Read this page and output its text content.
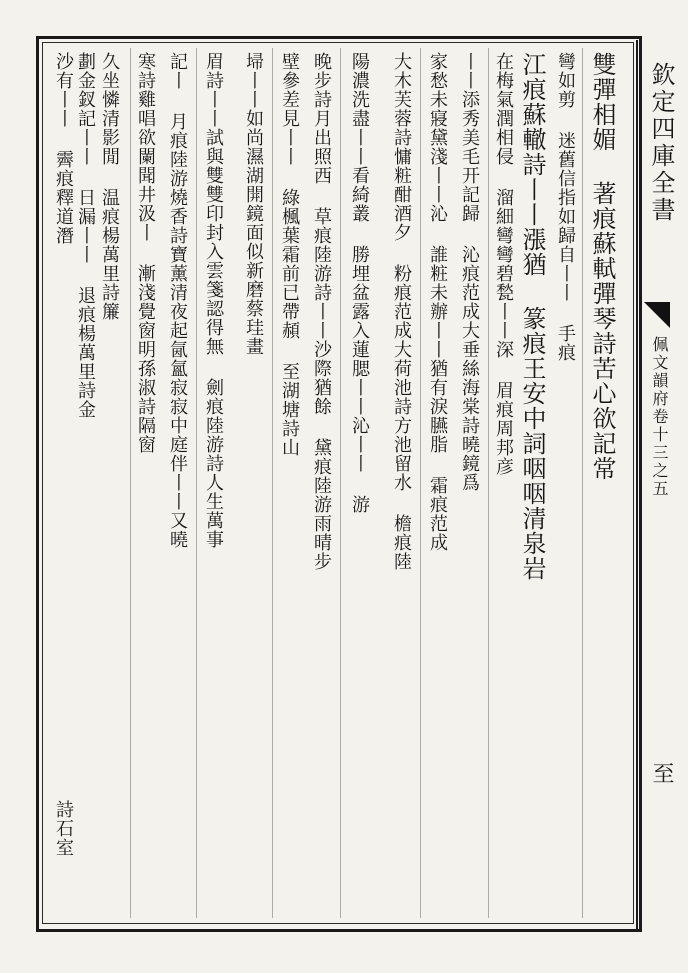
欽定四庫全書
佩文韻府卷十三之五
至
雙彈相媚 著痕蘇軾彈琴詩苦心欲記常
彎如剪 迷舊信指如歸自丨丨 手痕
江痕蘇轍詩丨丨漲猶 篆痕王安中詞咽咽清泉岩
在梅氣潤相侵 溜細彎彎碧甃丨丨深 眉痕周邦彦
丨丨添秀美毛开記歸 沁痕范成大垂絲海棠詩曉鏡爲
家愁未寢黛淺丨丨沁 誰粧未辦丨丨猶有淚臙脂 霜痕范成
大木芙蓉詩慵粧酣酒夕 粉痕范成大荷池詩方池留水 檐痕陸
陽濃洗盡丨丨看綺叢 勝埋盆露入蓮腮丨丨沁丨丨 游
晚步詩月出照西 草痕陸游詩丨丨沙際猶餘 黛痕陸游雨晴步
壁參差見丨丨 綠楓葉霜前已帶頳 至湖塘詩山
埽丨丨如尚濕湖開鏡面似新磨蔡珪畫
眉詩丨丨試與雙雙印封入雲箋認得無 劍痕陸游詩人生萬事
記丨 月痕陸游燒香詩寶薰清夜起氤氳寂寂中庭伴丨丨又曉
寒詩雞唱欲闌聞井汲丨 漸淺覺窗明孫淑詩隔窗
久坐憐清影閒 温痕楊萬里詩簾
劃金釵記丨丨 日漏丨丨 退痕楊萬里詩金
沙有丨丨 霽痕釋道潛
詩石室
